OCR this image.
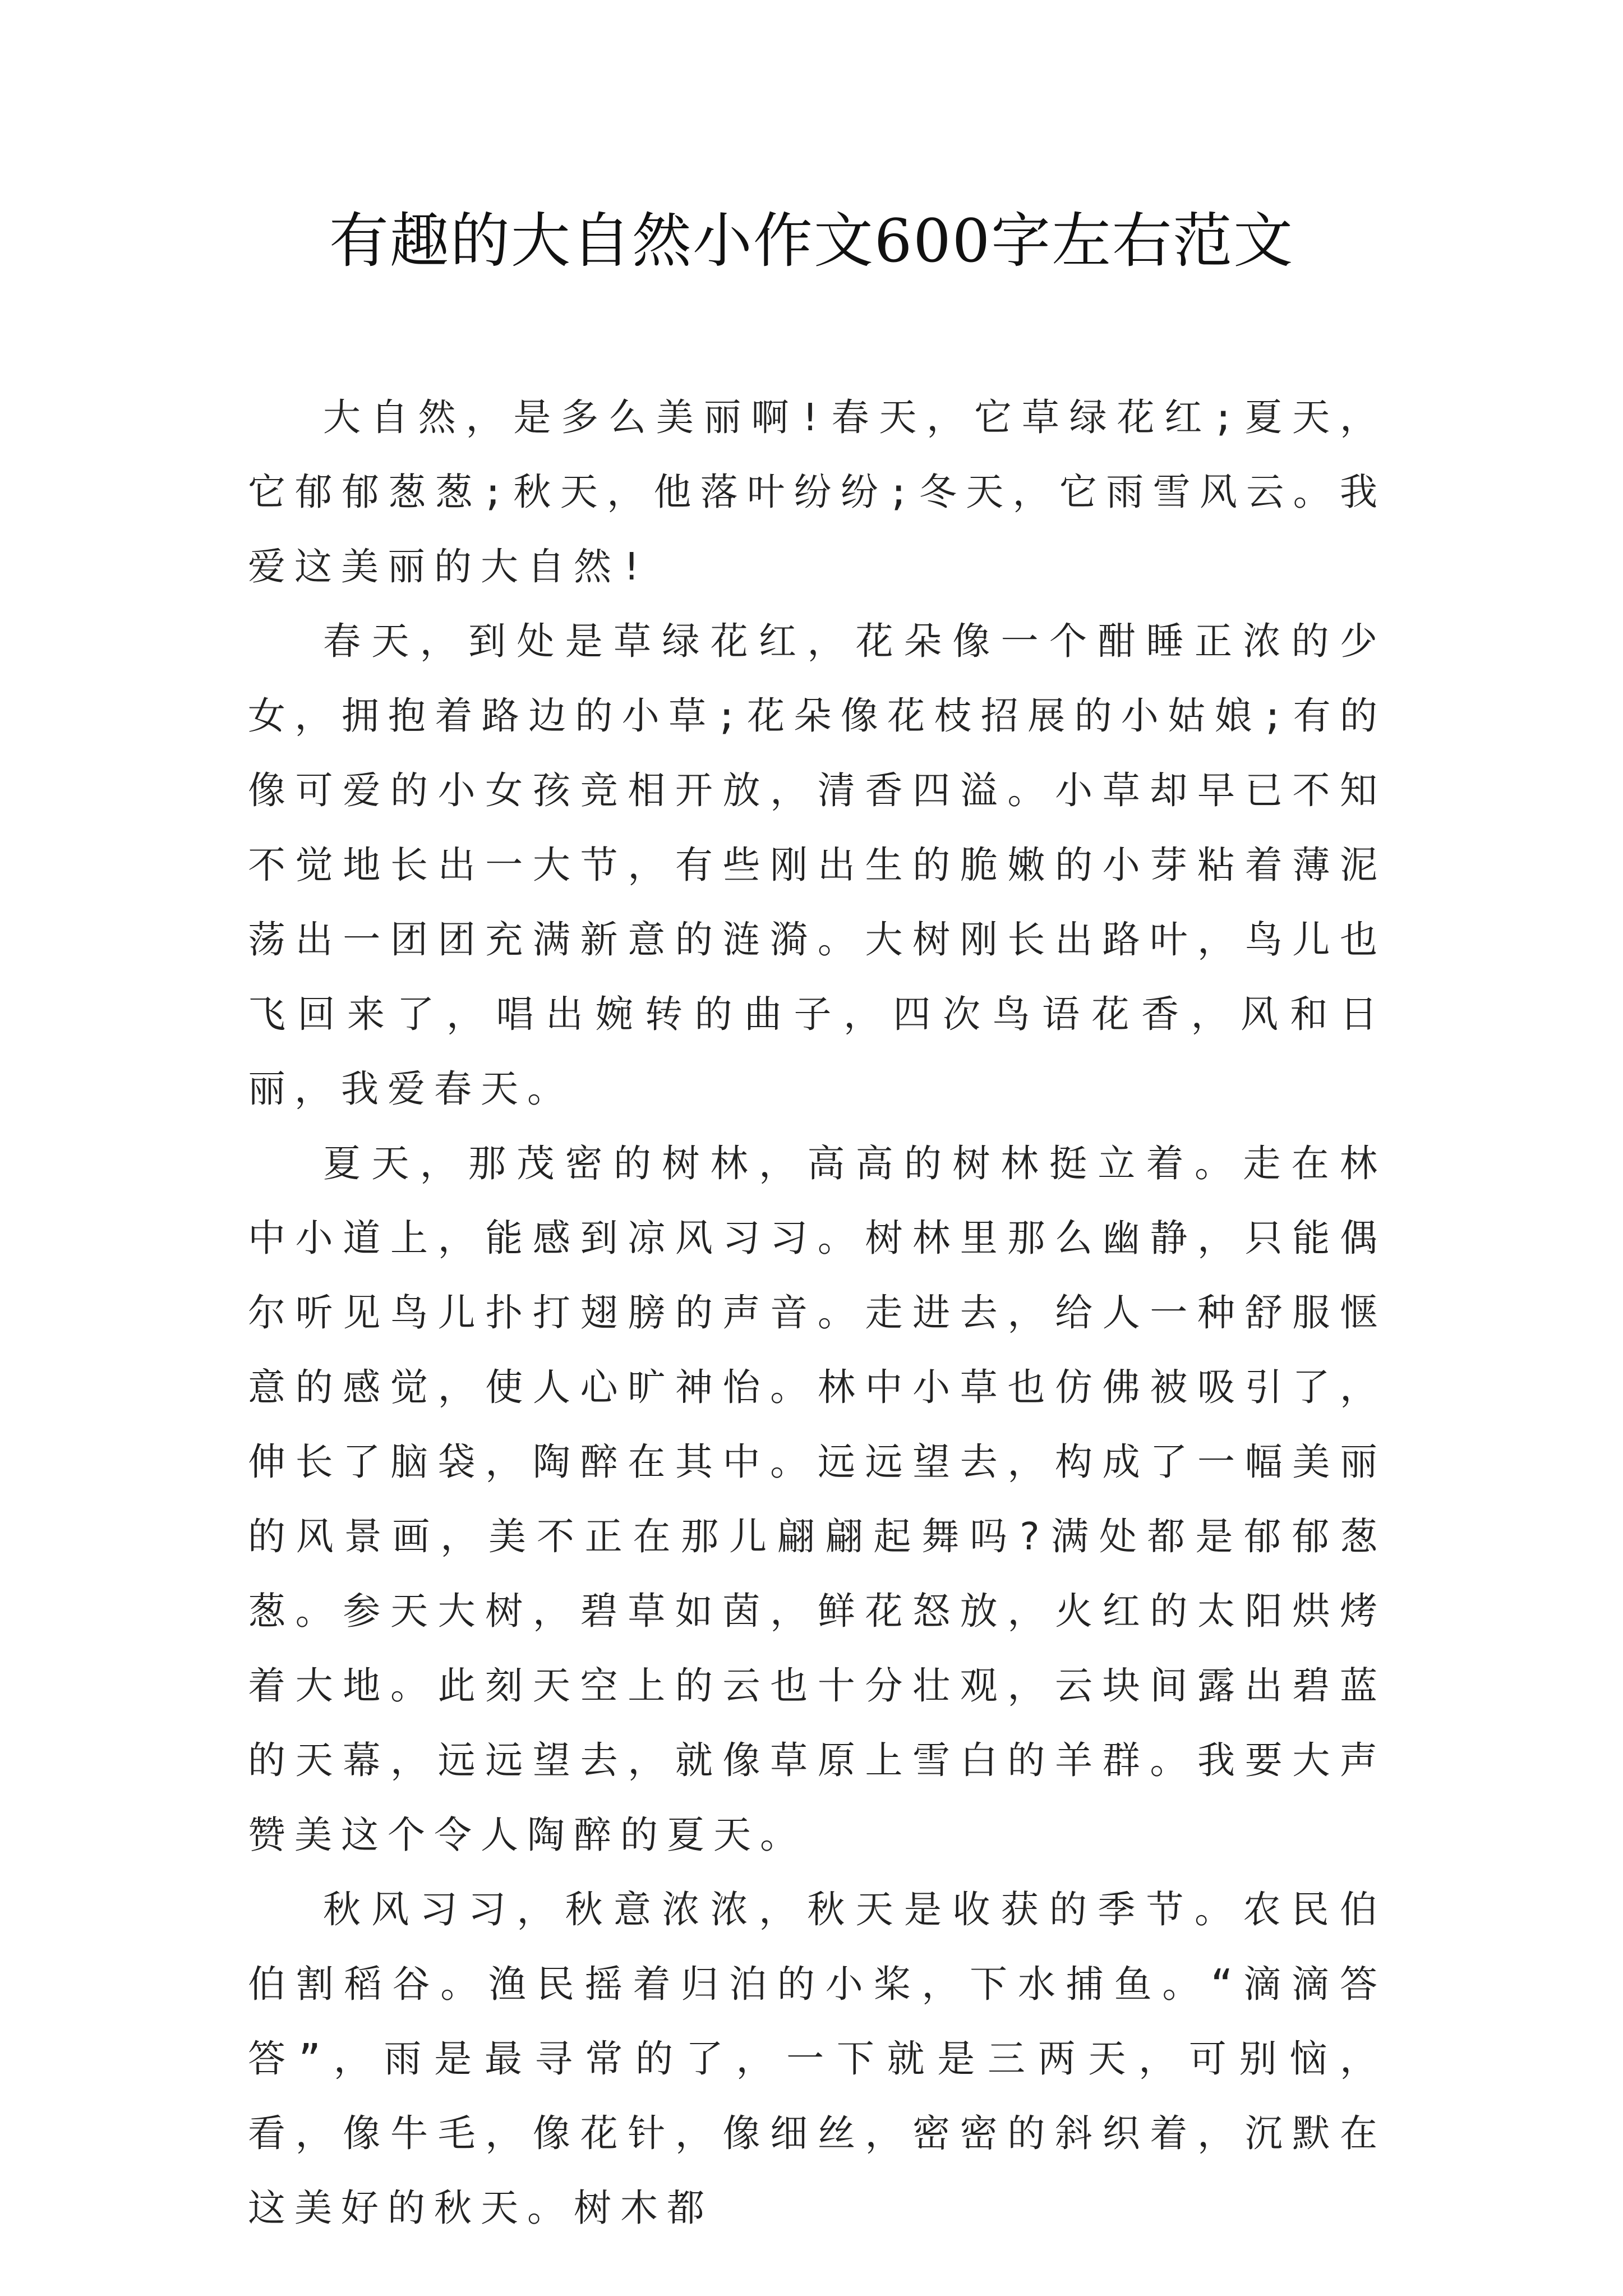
有趣的大自然小作文600字左右范文

大自然，是多么美丽啊!春天，它草绿花红;夏天，它郁郁葱葱;秋天，他落叶纷纷;冬天，它雨雪风云。我爱这美丽的大自然!

春天，到处是草绿花红，花朵像一个酣睡正浓的少女，拥抱着路边的小草;花朵像花枝招展的小姑娘;有的像可爱的小女孩竞相开放，清香四溢。小草却早已不知不觉地长出一大节，有些刚出生的脆嫩的小芽粘着薄泥荡出一团团充满新意的涟漪。大树刚长出路叶，鸟儿也飞回来了，唱出婉转的曲子，四次鸟语花香，风和日丽，我爱春天。

夏天，那茂密的树林，高高的树林挺立着。走在林中小道上，能感到凉风习习。树林里那么幽静，只能偶尔听见鸟儿扑打翅膀的声音。走进去，给人一种舒服惬意的感觉，使人心旷神怡。林中小草也仿佛被吸引了，伸长了脑袋，陶醉在其中。远远望去，构成了一幅美丽的风景画，美不正在那儿翩翩起舞吗?满处都是郁郁葱葱。参天大树，碧草如茵，鲜花怒放，火红的太阳烘烤着大地。此刻天空上的云也十分壮观，云块间露出碧蓝的天幕，远远望去，就像草原上雪白的羊群。我要大声赞美这个令人陶醉的夏天。

秋风习习，秋意浓浓，秋天是收获的季节。农民伯伯割稻谷。渔民摇着归泊的小桨，下水捕鱼。“滴滴答答”，雨是最寻常的了，一下就是三两天，可别恼，看，像牛毛，像花针，像细丝，密密的斜织着，沉默在这美好的秋天。树木都
